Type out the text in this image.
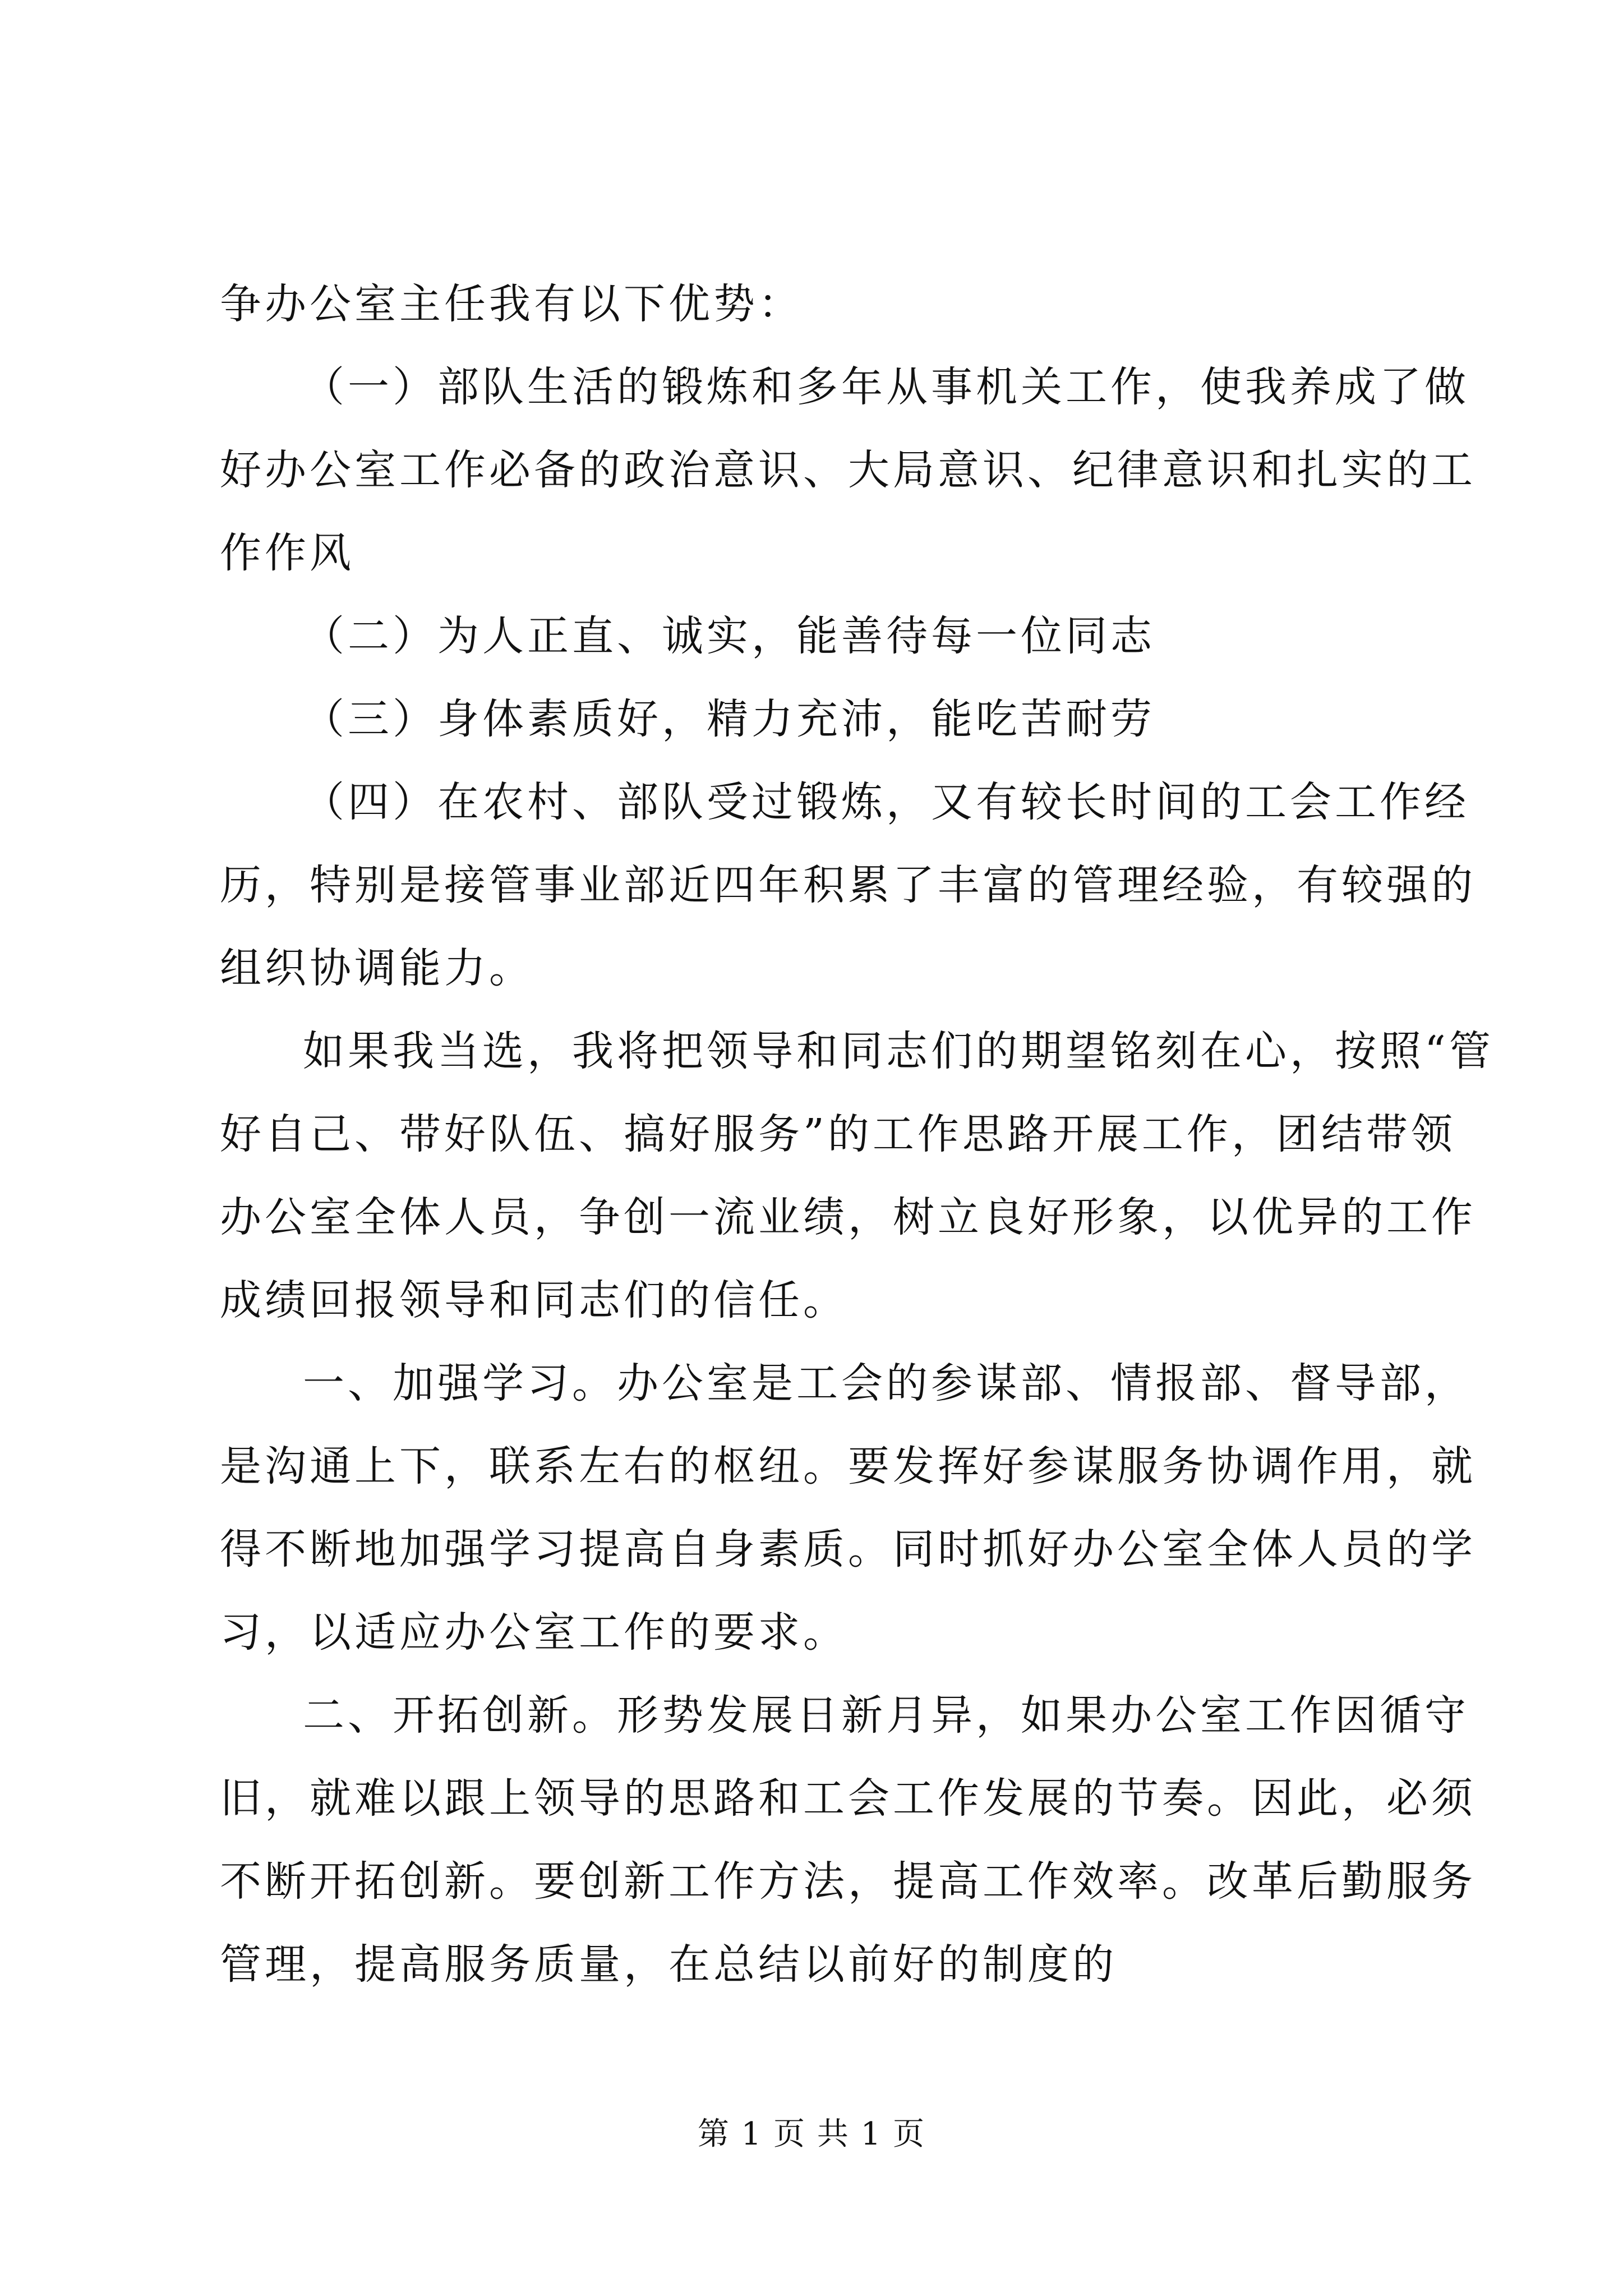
争办公室主任我有以下优势：
（一）部队生活的锻炼和多年从事机关工作，使我养成了做
好办公室工作必备的政治意识、大局意识、纪律意识和扎实的工
作作风
（二）为人正直、诚实，能善待每一位同志
（三）身体素质好，精力充沛，能吃苦耐劳
（四）在农村、部队受过锻炼，又有较长时间的工会工作经
历，特别是接管事业部近四年积累了丰富的管理经验，有较强的
组织协调能力。
如果我当选，我将把领导和同志们的期望铭刻在心，按照“管
好自己、带好队伍、搞好服务”的工作思路开展工作，团结带领
办公室全体人员，争创一流业绩，树立良好形象，以优异的工作
成绩回报领导和同志们的信任。
一、加强学习。办公室是工会的参谋部、情报部、督导部，
是沟通上下，联系左右的枢纽。要发挥好参谋服务协调作用，就
得不断地加强学习提高自身素质。同时抓好办公室全体人员的学
习，以适应办公室工作的要求。
二、开拓创新。形势发展日新月异，如果办公室工作因循守
旧，就难以跟上领导的思路和工会工作发展的节奏。因此，必须
不断开拓创新。要创新工作方法，提高工作效率。改革后勤服务
管理，提高服务质量，在总结以前好的制度的
第 1 页 共 1 页
